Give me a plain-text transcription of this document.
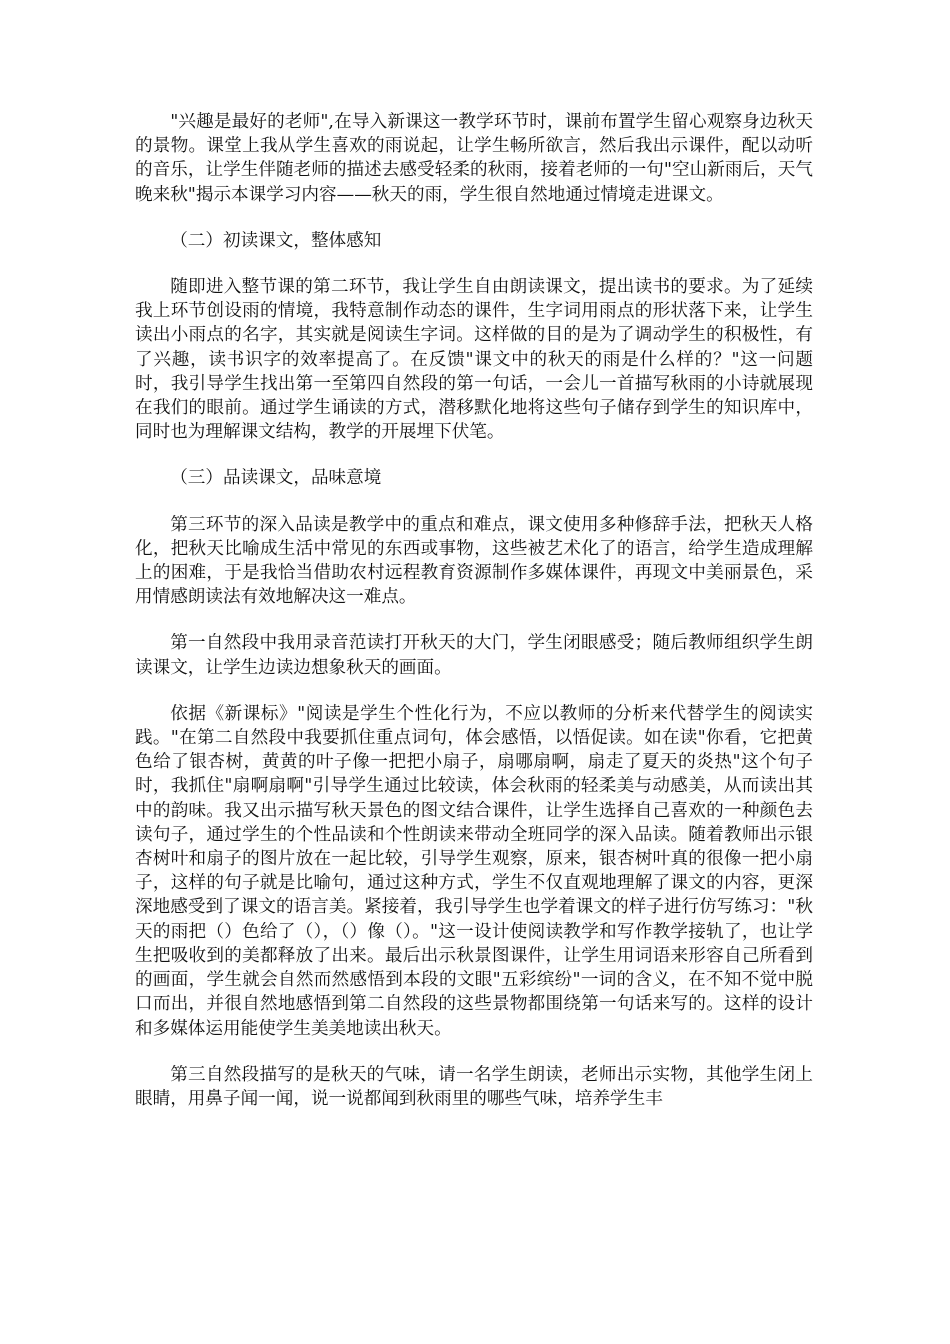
"兴趣是最好的老师",在导入新课这一教学环节时，课前布置学生留心观察身边秋天的景物。课堂上我从学生喜欢的雨说起，让学生畅所欲言，然后我出示课件，配以动听的音乐，让学生伴随老师的描述去感受轻柔的秋雨，接着老师的一句"空山新雨后，天气晚来秋"揭示本课学习内容——秋天的雨，学生很自然地通过情境走进课文。

（二）初读课文，整体感知

随即进入整节课的第二环节，我让学生自由朗读课文，提出读书的要求。为了延续我上环节创设雨的情境，我特意制作动态的课件，生字词用雨点的形状落下来，让学生读出小雨点的名字，其实就是阅读生字词。这样做的目的是为了调动学生的积极性，有了兴趣，读书识字的效率提高了。在反馈"课文中的秋天的雨是什么样的？"这一问题时，我引导学生找出第一至第四自然段的第一句话，一会儿一首描写秋雨的小诗就展现在我们的眼前。通过学生诵读的方式，潜移默化地将这些句子储存到学生的知识库中，同时也为理解课文结构，教学的开展埋下伏笔。

（三）品读课文，品味意境

第三环节的深入品读是教学中的重点和难点，课文使用多种修辞手法，把秋天人格化，把秋天比喻成生活中常见的东西或事物，这些被艺术化了的语言，给学生造成理解上的困难，于是我恰当借助农村远程教育资源制作多媒体课件，再现文中美丽景色，采用情感朗读法有效地解决这一难点。

第一自然段中我用录音范读打开秋天的大门，学生闭眼感受；随后教师组织学生朗读课文，让学生边读边想象秋天的画面。

依据《新课标》"阅读是学生个性化行为，不应以教师的分析来代替学生的阅读实践。"在第二自然段中我要抓住重点词句，体会感悟，以悟促读。如在读"你看，它把黄色给了银杏树，黄黄的叶子像一把把小扇子，扇哪扇啊，扇走了夏天的炎热"这个句子时，我抓住"扇啊扇啊"引导学生通过比较读，体会秋雨的轻柔美与动感美，从而读出其中的韵味。我又出示描写秋天景色的图文结合课件，让学生选择自己喜欢的一种颜色去读句子，通过学生的个性品读和个性朗读来带动全班同学的深入品读。随着教师出示银杏树叶和扇子的图片放在一起比较，引导学生观察，原来，银杏树叶真的很像一把小扇子，这样的句子就是比喻句，通过这种方式，学生不仅直观地理解了课文的内容，更深深地感受到了课文的语言美。紧接着，我引导学生也学着课文的样子进行仿写练习："秋天的雨把（）色给了（），（）像（）。"这一设计使阅读教学和写作教学接轨了，也让学生把吸收到的美都释放了出来。最后出示秋景图课件，让学生用词语来形容自己所看到的画面，学生就会自然而然感悟到本段的文眼"五彩缤纷"一词的含义，在不知不觉中脱口而出，并很自然地感悟到第二自然段的这些景物都围绕第一句话来写的。这样的设计和多媒体运用能使学生美美地读出秋天。

第三自然段描写的是秋天的气味，请一名学生朗读，老师出示实物，其他学生闭上眼睛，用鼻子闻一闻，说一说都闻到秋雨里的哪些气味，培养学生丰
